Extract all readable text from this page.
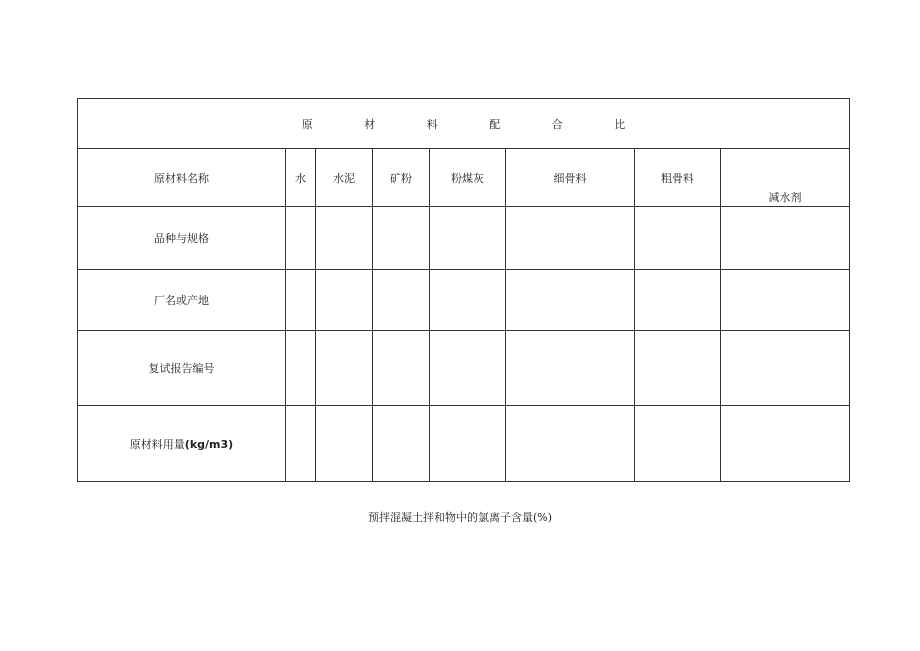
原 材 料 配 合 比							
原材料名称	水	水泥	矿粉	粉煤灰	细骨料	粗骨料	减水剂
品种与规格							
厂名或产地							
复试报告编号							
原材料用量(kg/m3)							
预拌混凝土拌和物中的氯离子含量(%)
